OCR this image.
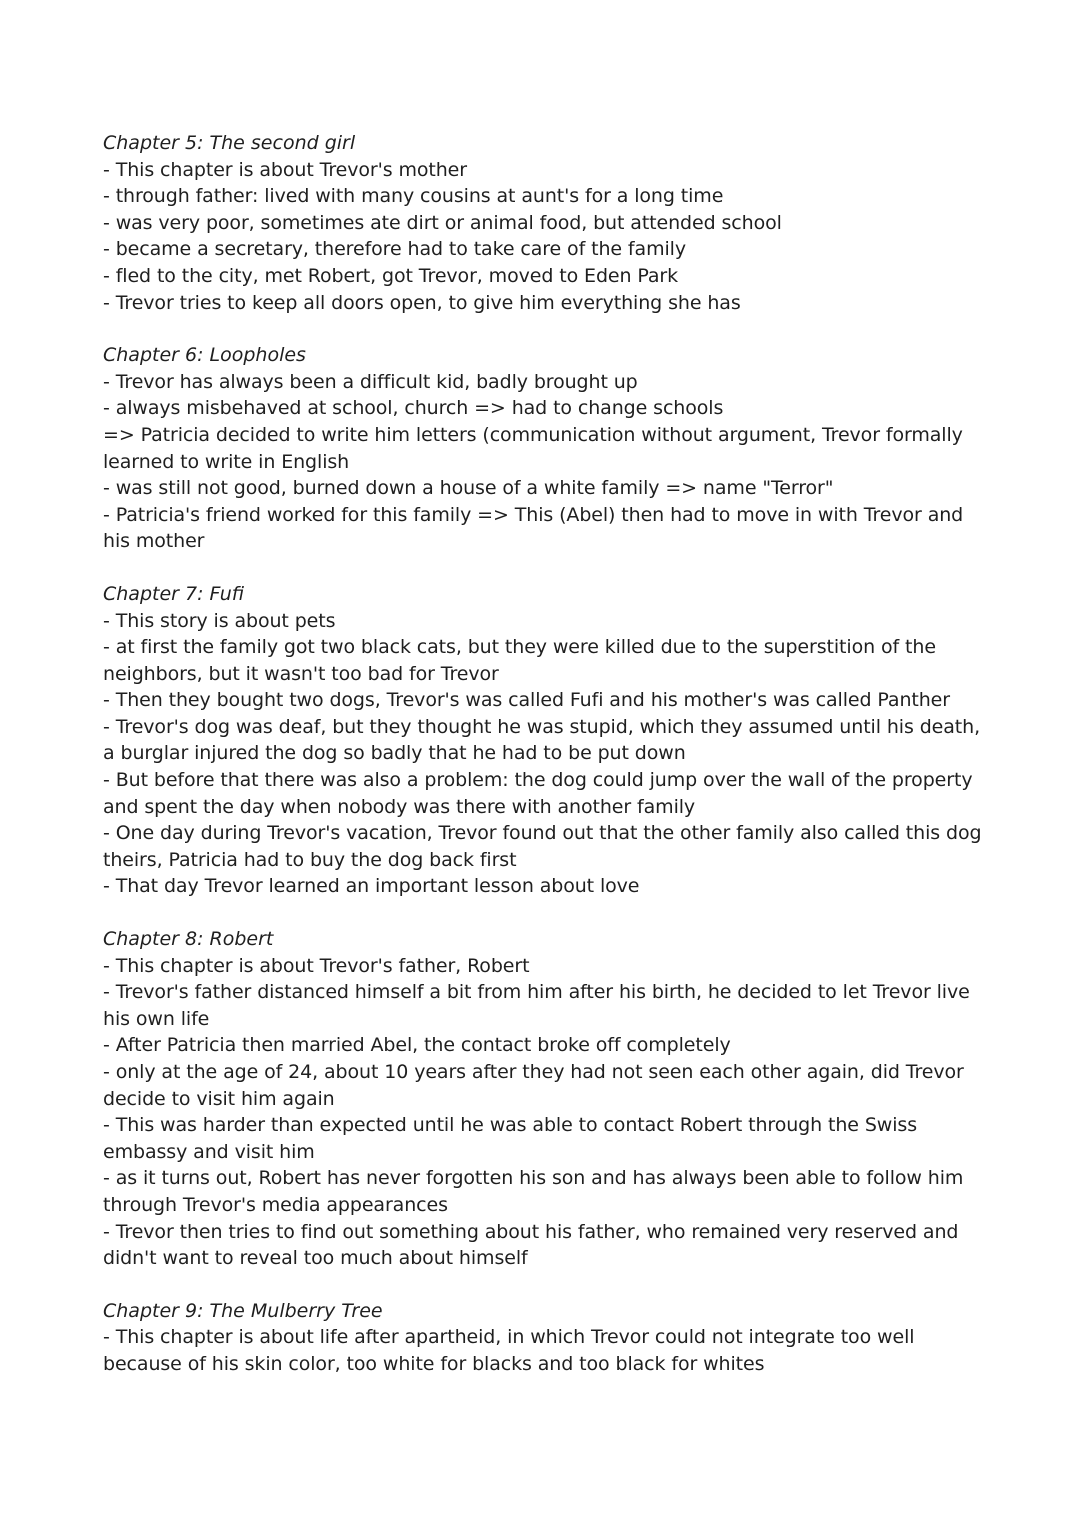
Chapter 5: The second girl

- This chapter is about Trevor's mother

- through father: lived with many cousins at aunt's for a long time

- was very poor, sometimes ate dirt or animal food, but attended school

- became a secretary, therefore had to take care of the family

- fled to the city, met Robert, got Trevor, moved to Eden Park

- Trevor tries to keep all doors open, to give him everything she has

Chapter 6: Loopholes

- Trevor has always been a difficult kid, badly brought up

- always misbehaved at school, church => had to change schools

=> Patricia decided to write him letters (communication without argument, Trevor formally learned to write in English

- was still not good, burned down a house of a white family => name "Terror"

- Patricia's friend worked for this family => This (Abel) then had to move in with Trevor and his mother

Chapter 7: Fufi

- This story is about pets

- at first the family got two black cats, but they were killed due to the superstition of the neighbors, but it wasn't too bad for Trevor

- Then they bought two dogs, Trevor's was called Fufi and his mother's was called Panther

- Trevor's dog was deaf, but they thought he was stupid, which they assumed until his death, a burglar injured the dog so badly that he had to be put down

- But before that there was also a problem: the dog could jump over the wall of the property and spent the day when nobody was there with another family

- One day during Trevor's vacation, Trevor found out that the other family also called this dog theirs, Patricia had to buy the dog back first

- That day Trevor learned an important lesson about love

Chapter 8: Robert

- This chapter is about Trevor's father, Robert

- Trevor's father distanced himself a bit from him after his birth, he decided to let Trevor live his own life

- After Patricia then married Abel, the contact broke off completely

- only at the age of 24, about 10 years after they had not seen each other again, did Trevor decide to visit him again

- This was harder than expected until he was able to contact Robert through the Swiss embassy and visit him

- as it turns out, Robert has never forgotten his son and has always been able to follow him through Trevor's media appearances

- Trevor then tries to find out something about his father, who remained very reserved and didn't want to reveal too much about himself

Chapter 9: The Mulberry Tree

- This chapter is about life after apartheid, in which Trevor could not integrate too well because of his skin color, too white for blacks and too black for whites
